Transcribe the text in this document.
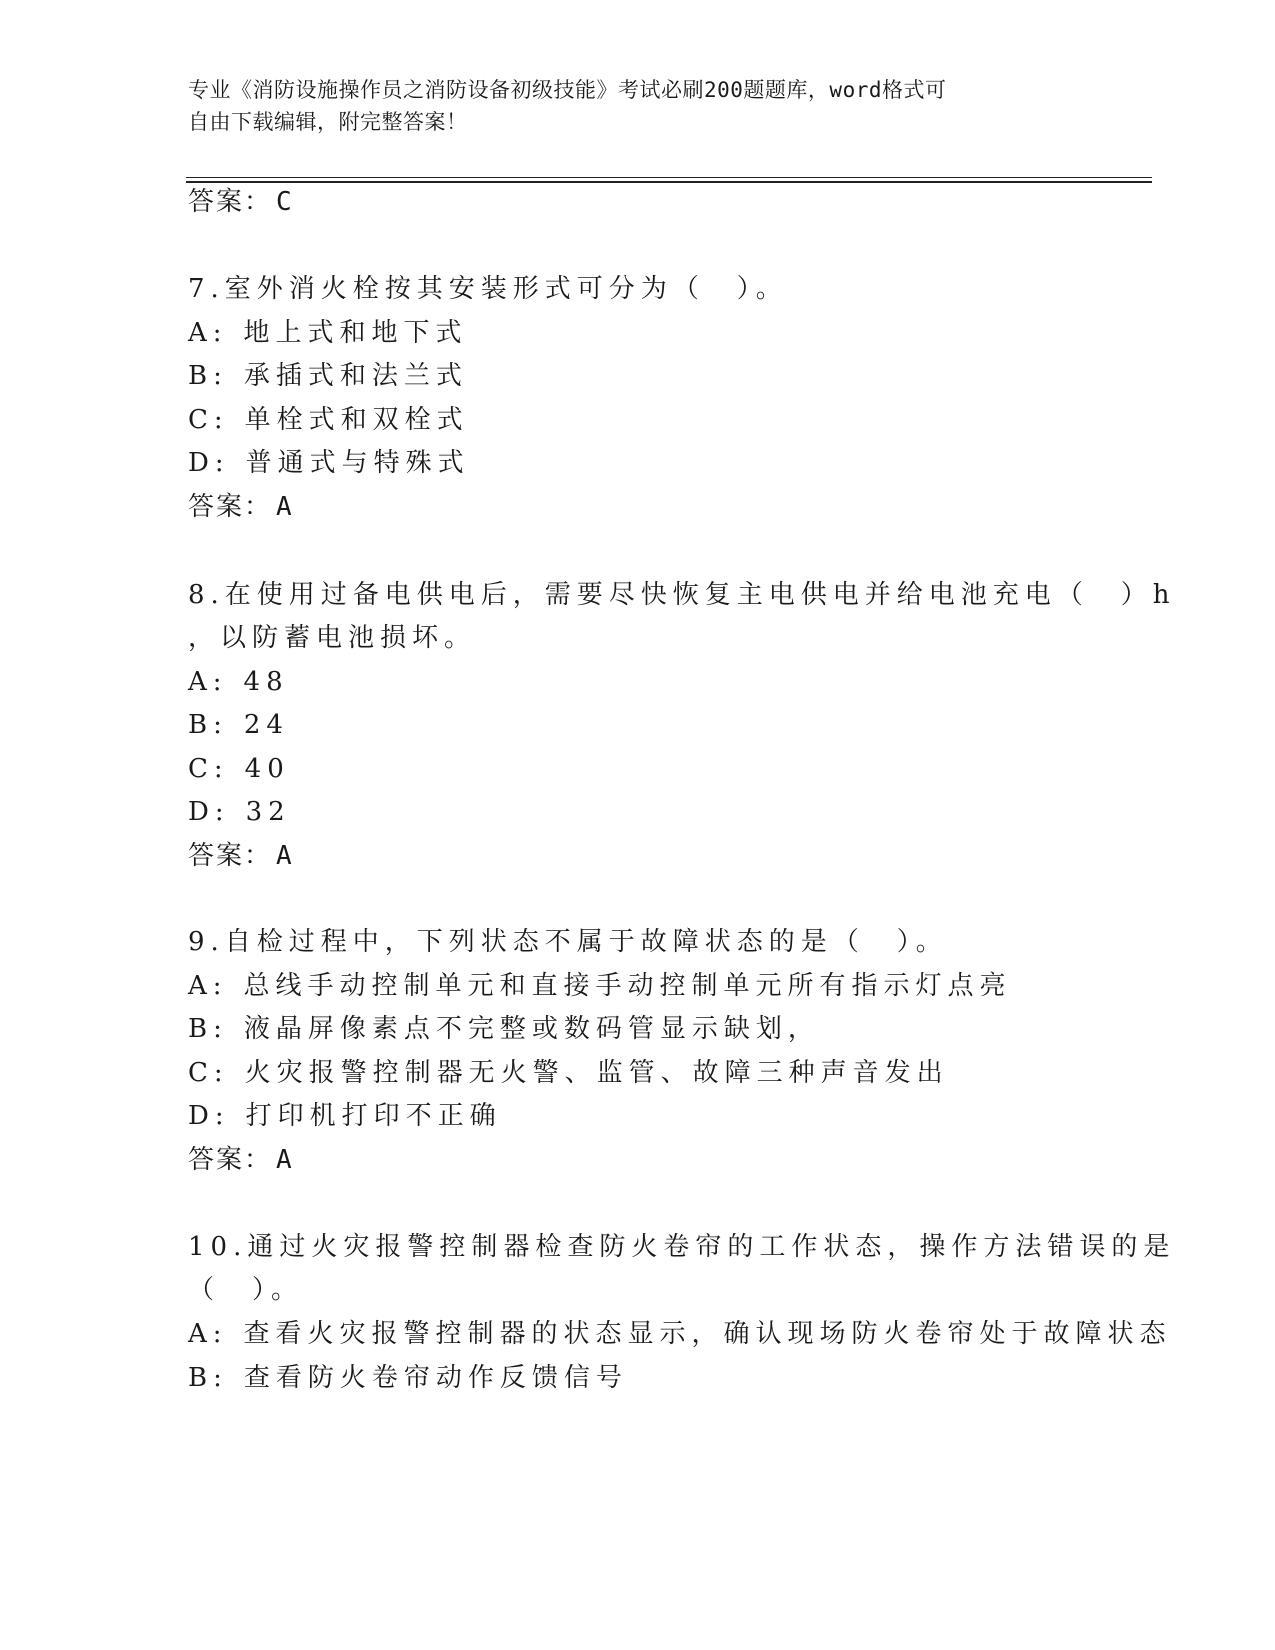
专业《消防设施操作员之消防设备初级技能》考试必刷200题题库，word格式可
自由下载编辑，附完整答案！
答案： C
7.室外消火栓按其安装形式可分为（　）。
A: 地上式和地下式
B: 承插式和法兰式
C: 单栓式和双栓式
D: 普通式与特殊式
答案： A
8.在使用过备电供电后，需要尽快恢复主电供电并给电池充电（　）h
，以防蓄电池损坏。
A: 48
B: 24
C: 40
D: 32
答案： A
9.自检过程中，下列状态不属于故障状态的是（　）。
A: 总线手动控制单元和直接手动控制单元所有指示灯点亮
B: 液晶屏像素点不完整或数码管显示缺划，
C: 火灾报警控制器无火警、监管、故障三种声音发出
D: 打印机打印不正确
答案： A
10.通过火灾报警控制器检查防火卷帘的工作状态，操作方法错误的是
（　）。
A: 查看火灾报警控制器的状态显示，确认现场防火卷帘处于故障状态
B: 查看防火卷帘动作反馈信号
